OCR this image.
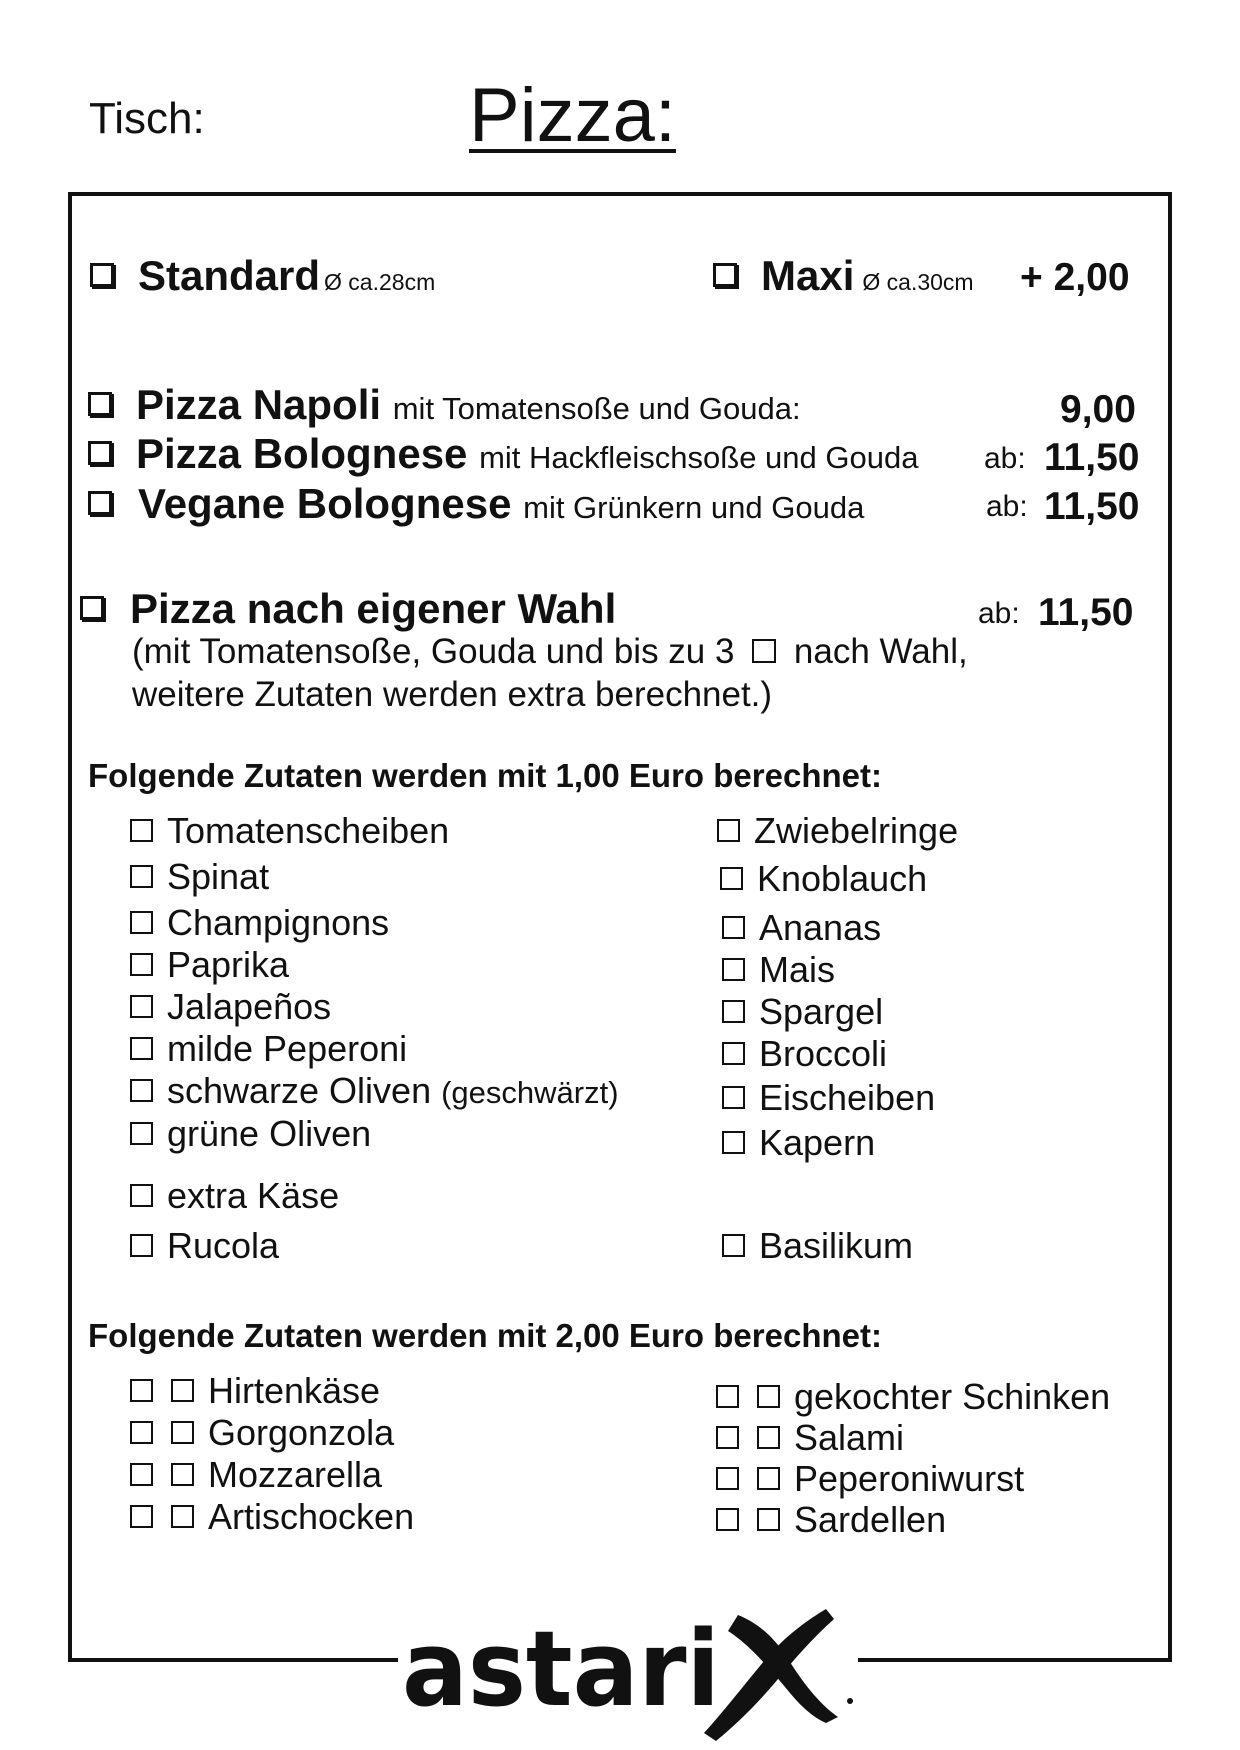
Tisch:	Pizza:
Standard Ø ca.28cm	Maxi Ø ca.30cm + 2,00
Pizza Napoli mit Tomatensoße und Gouda:	9,00
Pizza Bolognese mit Hackfleischsoße und Gouda ab: 11,50
Vegane Bolognese mit Grünkern und Gouda	ab: 11,50
Pizza nach eigener Wahl	ab: 11,50
(mit Tomatensoße, Gouda und bis zu 3 nach Wahl,
weitere Zutaten werden extra berechnet.)
Folgende Zutaten werden mit 1,00 Euro berechnet:
Tomatenscheiben
Spinat
Champignons
Paprika
Jalapeños
milde Peperoni
schwarze Oliven (geschwärzt)
grüne Oliven
extra Käse
Rucola
Zwiebelringe
Knoblauch
Ananas
Mais
Spargel
Broccoli
Eischeiben
Kapern
Basilikum
Folgende Zutaten werden mit 2,00 Euro berechnet:
Hirtenkäse
Gorgonzola
Mozzarella
Artischocken
gekochter Schinken
Salami
Peperoniwurst
Sardellen
astari
